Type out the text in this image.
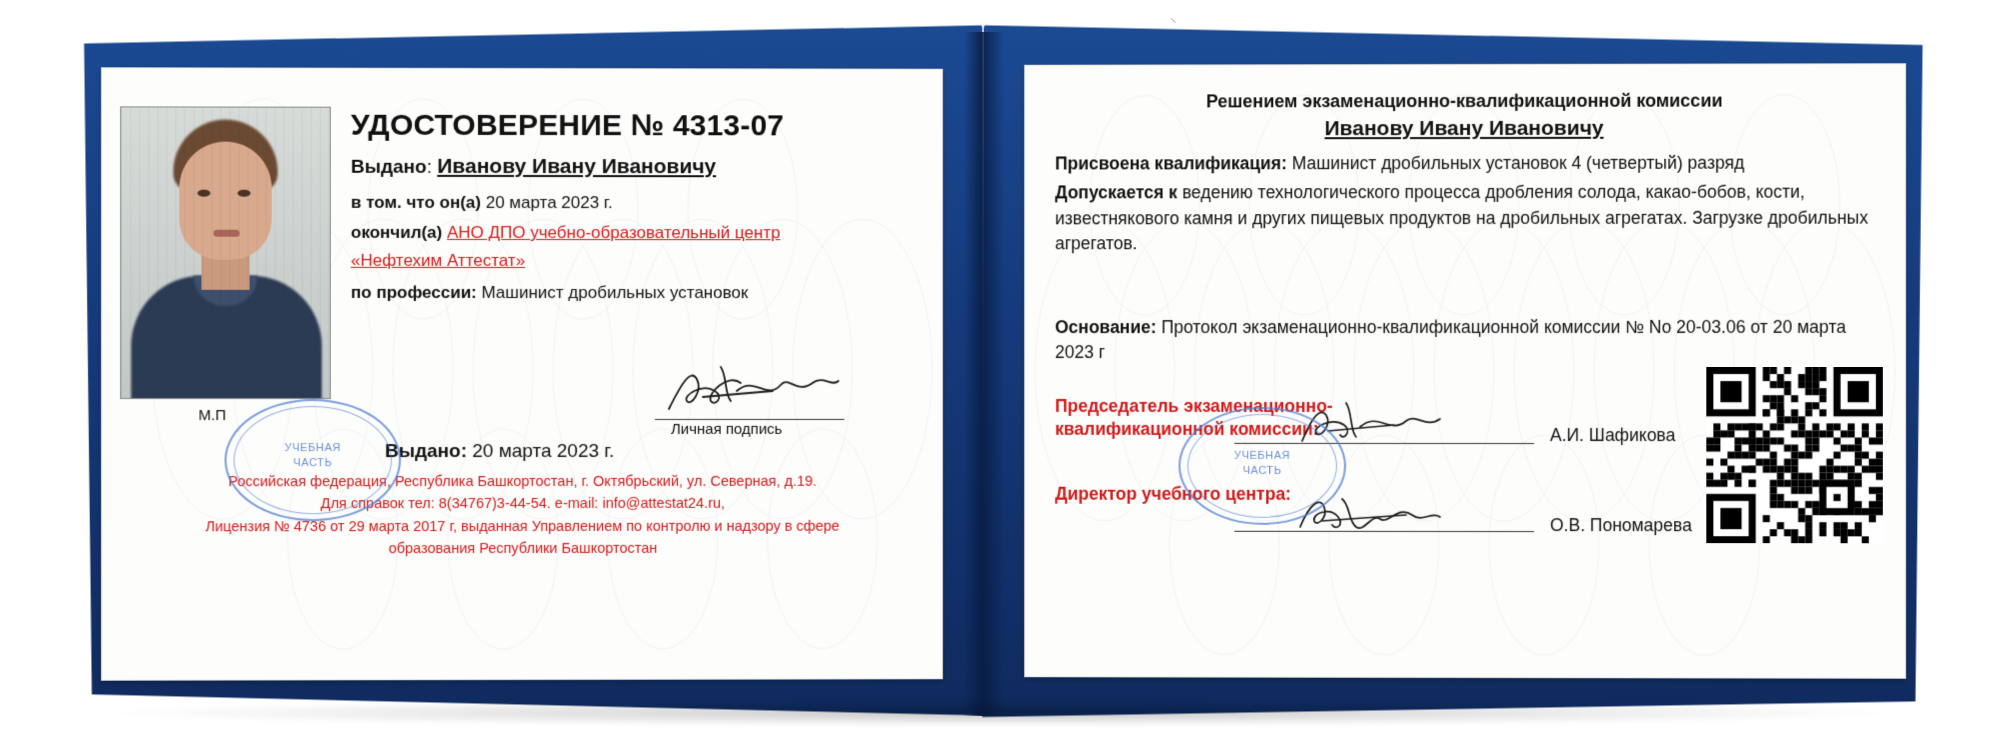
⸜
М.П
УДОСТОВЕРЕНИЕ № 4313-07
Выдано: Иванову Ивану Ивановичу
в том. что он(а) 20 марта 2023 г.
окончил(а) АНО ДПО учебно-образовательный центр
«Нефтехим Аттестат»
по профессии: Машинист дробильных установок
Личная подпись
Выдано: 20 марта 2023 г.
Российская федерация, Республика Башкортостан, г. Октябрьский, ул. Северная, д.19.
Для справок тел: 8(34767)3-44-54. e-mail: info@attestat24.ru,
Лицензия № 4736 от 29 марта 2017 г, выданная Управлением по контролю и надзору в сфере
образования Республики Башкортостан
УЧЕБНАЯ
ЧАСТЬ
Решением экзаменационно-квалификационной комиссии
Иванову Ивану Ивановичу
Присвоена квалификация: Машинист дробильных установок 4 (четвертый) разряд
Допускается к ведению технологического процесса дробления солода, какао-бобов, кости, известнякового камня и других пищевых продуктов на дробильных агрегатах. Загрузке дробильных агрегатов.
Основание: Протокол экзаменационно-квалификационной комиссии № No 20-03.06 от 20 марта 2023 г
Председатель экзаменационно-квалификационной комиссии:	А.И. Шафикова
Директор учебного центра:
О.В. Пономарева
УЧЕБНАЯ
ЧАСТЬ
